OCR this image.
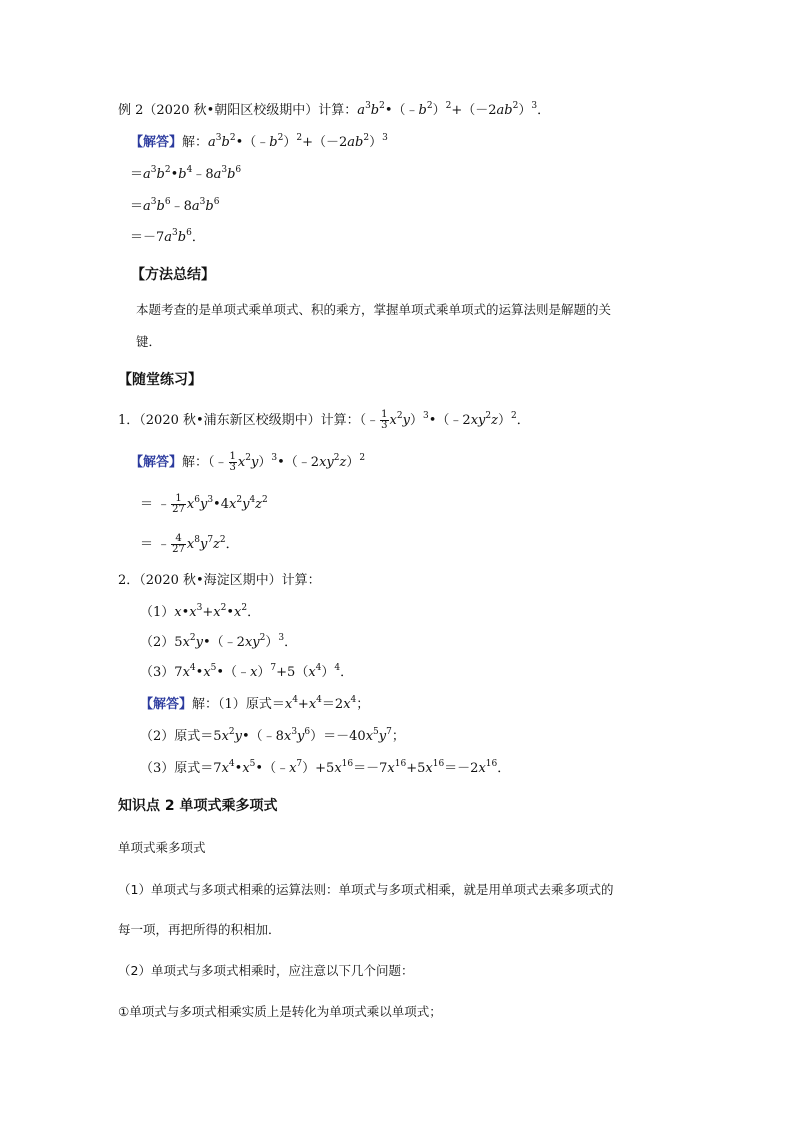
例 2（2020 秋•朝阳区校级期中）计算：$a^3b^2•(﹣b^2)^2+(-2ab^2)^3$．
【解答】解：$a^3b^2•(﹣b^2)^2+(-2ab^2)^3$
$=a^3b^2•b^4﹣8a^3b^6$
$=a^3b^6﹣8a^3b^6$
$=-7a^3b^6$．
【方法总结】
本题考查的是单项式乘单项式、积的乘方，掌握单项式乘单项式的运算法则是解题的关
键．
【随堂练习】
1．（2020 秋•浦东新区校级期中）计算：（﹣ $\frac{1}{3}$ $x^2y)^3•(﹣2xy^2z)^2$．
【解答】解：（﹣ $\frac{1}{3}$ $x^2y)^3•(﹣2xy^2z)^2$
＝ ﹣ $\frac{1}{27}$ $x^6y^3•4x^2y^4z^2$
＝ ﹣ $\frac{4}{27} x^8y^7z^2$．
2．（2020 秋•海淀区期中）计算：
$(1)x•x^3+x^2•x^2$．
$(2)5x^2y•(﹣2xy^2)^3$．
$(3)7x^4•x^5•(﹣x)^7+5(x^4)^4$．
【解答】解：（1）原式$=x^4+x^4=2x^4$；
（2）原式$=5x^2y•(﹣8x^3y^6)=-40x^5y^7$；
（3）原式$=7x^4•x^5•(﹣x^7)+5x^{16}=-7x^{16}+5x^{16}=-2x^{16}$．
知识点 2 单项式乘多项式
单项式乘多项式
（1）单项式与多项式相乘的运算法则：单项式与多项式相乘，就是用单项式去乘多项式的
每一项，再把所得的积相加．
（2）单项式与多项式相乘时，应注意以下几个问题：
①单项式与多项式相乘实质上是转化为单项式乘以单项式；
